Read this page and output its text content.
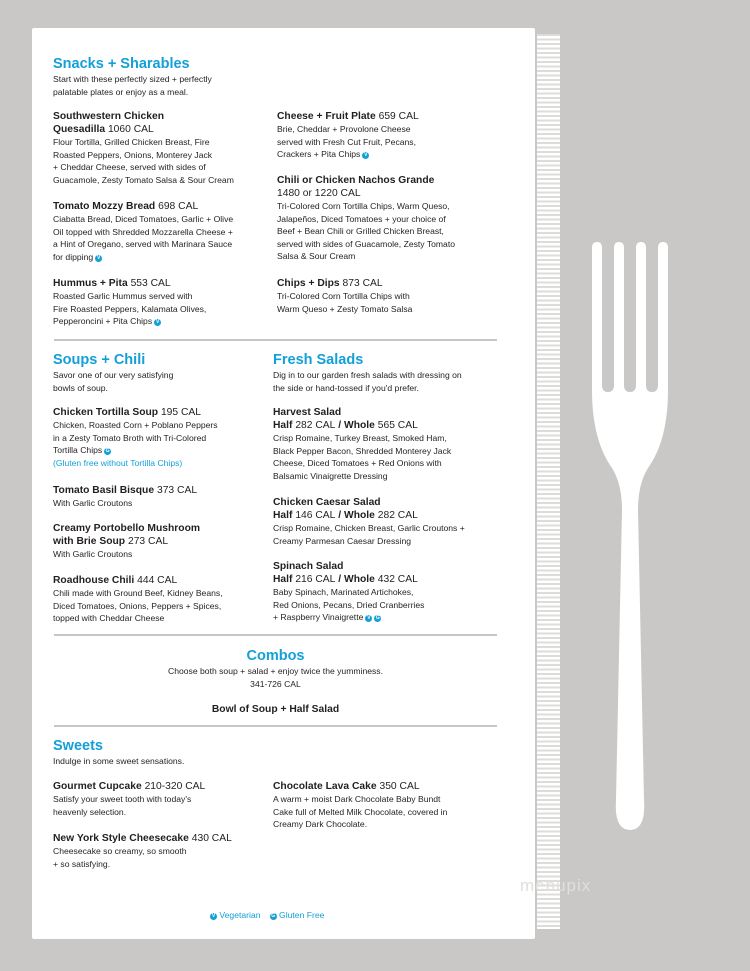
Snacks + Sharables
Start with these perfectly sized + perfectly
palatable plates or enjoy as a meal.
Southwestern Chicken
Quesadilla 1060 CAL
Flour Tortilla, Grilled Chicken Breast, Fire
Roasted Peppers, Onions, Monterey Jack
+ Cheddar Cheese, served with sides of
Guacamole, Zesty Tomato Salsa & Sour Cream
Tomato Mozzy Bread 698 CAL
Ciabatta Bread, Diced Tomatoes, Garlic + Olive
Oil topped with Shredded Mozzarella Cheese +
a Hint of Oregano, served with Marinara Sauce
for dipping V
Hummus + Pita 553 CAL
Roasted Garlic Hummus served with
Fire Roasted Peppers, Kalamata Olives,
Pepperoncini + Pita Chips V
Cheese + Fruit Plate 659 CAL
Brie, Cheddar + Provolone Cheese
served with Fresh Cut Fruit, Pecans,
Crackers + Pita Chips V
Chili or Chicken Nachos Grande
1480 or 1220 CAL
Tri-Colored Corn Tortilla Chips, Warm Queso,
Jalapeños, Diced Tomatoes + your choice of
Beef + Bean Chili or Grilled Chicken Breast,
served with sides of Guacamole, Zesty Tomato
Salsa & Sour Cream
Chips + Dips 873 CAL
Tri-Colored Corn Tortilla Chips with
Warm Queso + Zesty Tomato Salsa
Soups + Chili
Savor one of our very satisfying
bowls of soup.
Chicken Tortilla Soup 195 CAL
Chicken, Roasted Corn + Poblano Peppers
in a Zesty Tomato Broth with Tri-Colored
Tortilla Chips G
(Gluten free without Tortilla Chips)
Tomato Basil Bisque 373 CAL
With Garlic Croutons
Creamy Portobello Mushroom
with Brie Soup 273 CAL
With Garlic Croutons
Roadhouse Chili 444 CAL
Chili made with Ground Beef, Kidney Beans,
Diced Tomatoes, Onions, Peppers + Spices,
topped with Cheddar Cheese
Fresh Salads
Dig in to our garden fresh salads with dressing on
the side or hand-tossed if you'd prefer.
Harvest Salad
Half 282 CAL / Whole 565 CAL
Crisp Romaine, Turkey Breast, Smoked Ham,
Black Pepper Bacon, Shredded Monterey Jack
Cheese, Diced Tomatoes + Red Onions with
Balsamic Vinaigrette Dressing
Chicken Caesar Salad
Half 146 CAL / Whole 282 CAL
Crisp Romaine, Chicken Breast, Garlic Croutons +
Creamy Parmesan Caesar Dressing
Spinach Salad
Half 216 CAL / Whole 432 CAL
Baby Spinach, Marinated Artichokes,
Red Onions, Pecans, Dried Cranberries
+ Raspberry Vinaigrette V G
Combos
Choose both soup + salad + enjoy twice the yumminess.
341-726 CAL
Bowl of Soup + Half Salad
Sweets
Indulge in some sweet sensations.
Gourmet Cupcake 210-320 CAL
Satisfy your sweet tooth with today's
heavenly selection.
New York Style Cheesecake 430 CAL
Cheesecake so creamy, so smooth
+ so satisfying.
Chocolate Lava Cake 350 CAL
A warm + moist Dark Chocolate Baby Bundt
Cake full of Melted Milk Chocolate, covered in
Creamy Dark Chocolate.
V Vegetarian G Gluten Free
menupix
